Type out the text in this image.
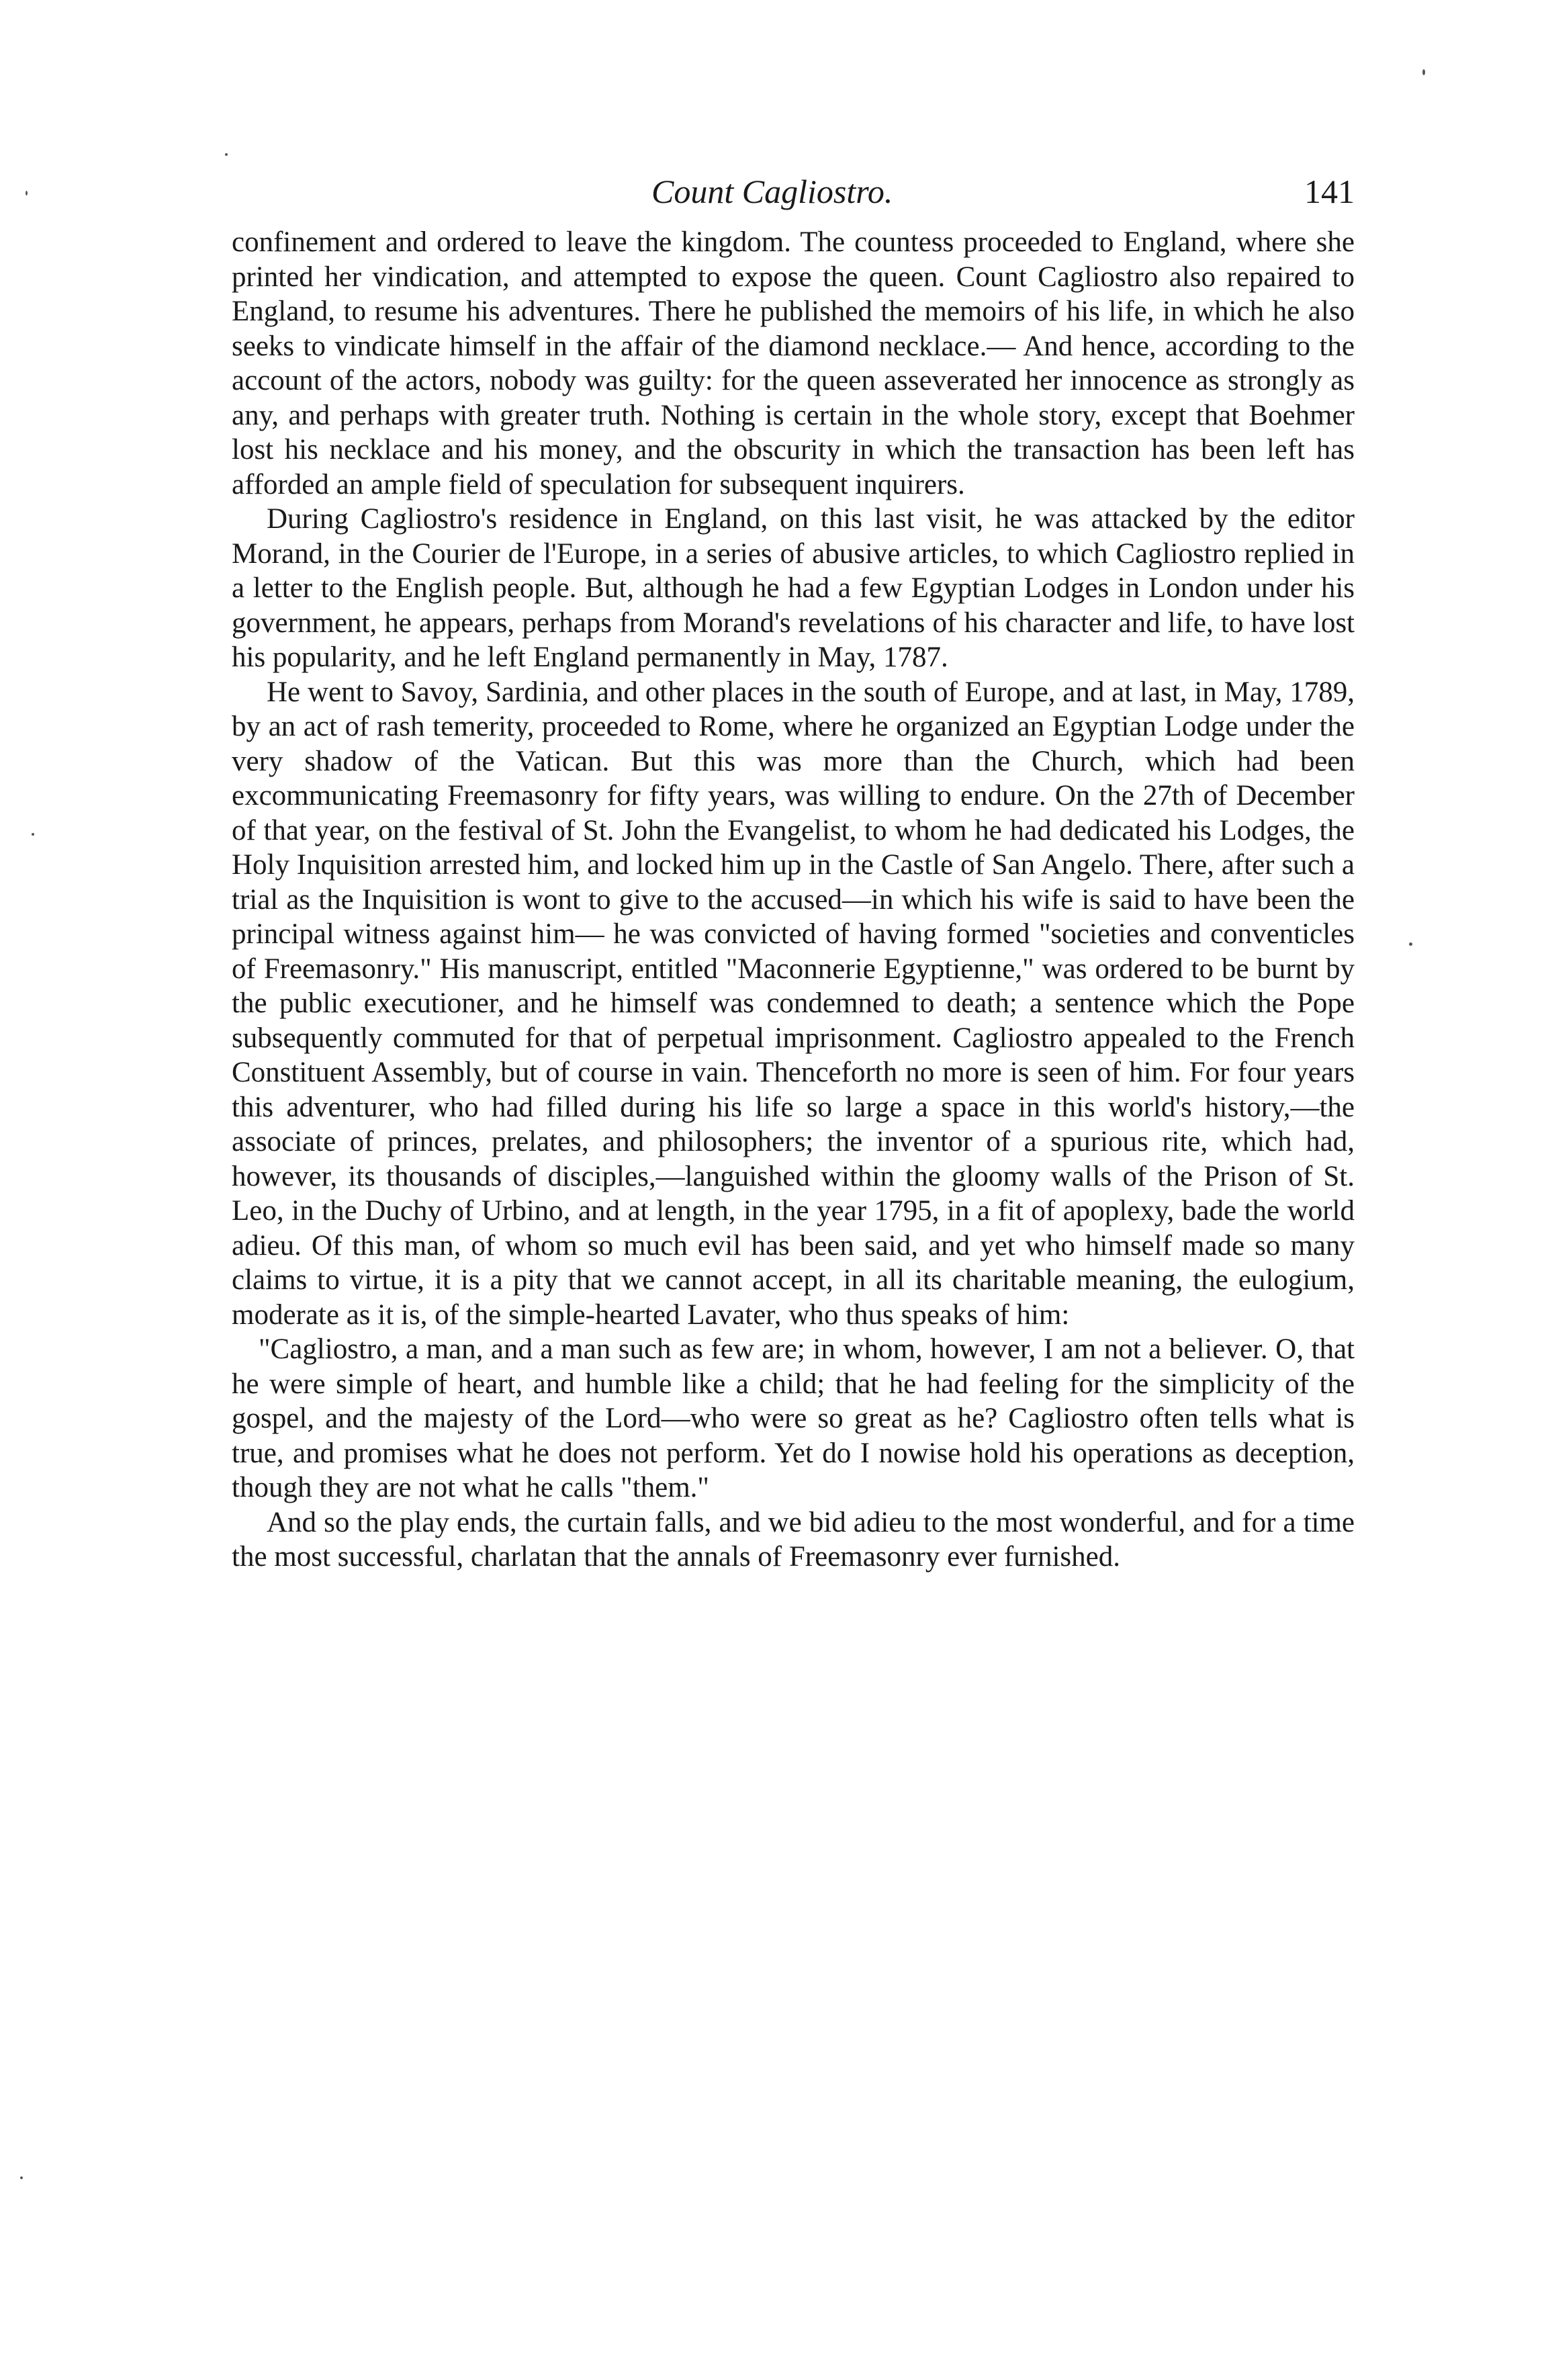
Count Cagliostro.	141

confinement and ordered to leave the kingdom. The countess proceeded to England, where she printed her vindication, and attempted to expose the queen. Count Cagliostro also repaired to England, to resume his adventures. There he published the memoirs of his life, in which he also seeks to vindicate himself in the affair of the diamond necklace.— And hence, according to the account of the actors, nobody was guilty: for the queen asseverated her innocence as strongly as any, and perhaps with greater truth. Nothing is certain in the whole story, except that Boehmer lost his necklace and his money, and the obscurity in which the transaction has been left has afforded an ample field of speculation for subsequent inquirers.

During Cagliostro's residence in England, on this last visit, he was attacked by the editor Morand, in the Courier de l'Europe, in a series of abusive articles, to which Cagliostro replied in a letter to the English people. But, although he had a few Egyptian Lodges in London under his government, he appears, perhaps from Morand's revelations of his character and life, to have lost his popularity, and he left England permanently in May, 1787.

He went to Savoy, Sardinia, and other places in the south of Europe, and at last, in May, 1789, by an act of rash temerity, proceeded to Rome, where he organized an Egyptian Lodge under the very shadow of the Vatican. But this was more than the Church, which had been excommunicating Freemasonry for fifty years, was willing to endure. On the 27th of December of that year, on the festival of St. John the Evangelist, to whom he had dedicated his Lodges, the Holy Inquisition arrested him, and locked him up in the Castle of San Angelo. There, after such a trial as the Inquisition is wont to give to the accused—in which his wife is said to have been the principal witness against him— he was convicted of having formed "societies and conventicles of Freemasonry." His manuscript, entitled "Maconnerie Egyptienne," was ordered to be burnt by the public executioner, and he himself was condemned to death; a sentence which the Pope subsequently commuted for that of perpetual imprisonment. Cagliostro appealed to the French Constituent Assembly, but of course in vain. Thenceforth no more is seen of him. For four years this adventurer, who had filled during his life so large a space in this world's history,—the associate of princes, prelates, and philosophers; the inventor of a spurious rite, which had, however, its thousands of disciples,—languished within the gloomy walls of the Prison of St. Leo, in the Duchy of Urbino, and at length, in the year 1795, in a fit of apoplexy, bade the world adieu. Of this man, of whom so much evil has been said, and yet who himself made so many claims to virtue, it is a pity that we cannot accept, in all its charitable meaning, the eulogium, moderate as it is, of the simple-hearted Lavater, who thus speaks of him:

"Cagliostro, a man, and a man such as few are; in whom, however, I am not a believer. O, that he were simple of heart, and humble like a child; that he had feeling for the simplicity of the gospel, and the majesty of the Lord—who were so great as he? Cagliostro often tells what is true, and promises what he does not perform. Yet do I nowise hold his operations as deception, though they are not what he calls "them."

And so the play ends, the curtain falls, and we bid adieu to the most wonderful, and for a time the most successful, charlatan that the annals of Freemasonry ever furnished.
